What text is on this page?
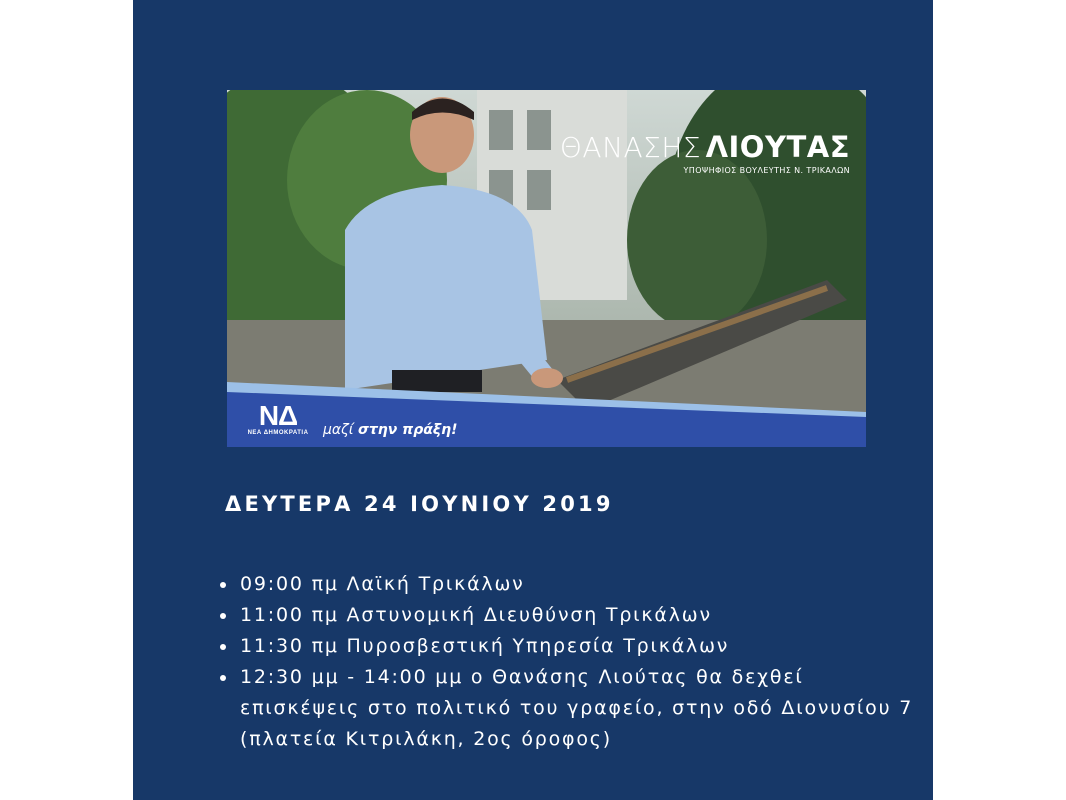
ΘΑΝΑΣΗΣ ΛΙΟΥΤΑΣ
ΥΠΟΨΗΦΙΟΣ ΒΟΥΛΕΥΤΗΣ Ν. ΤΡΙΚΑΛΩΝ
ΝΔ
ΝΕΑ ΔΗΜΟΚΡΑΤΙΑ μαζί στην πράξη!
ΔΕΥΤΕΡΑ 24 ΙΟΥΝΙΟΥ 2019
09:00 πμ Λαϊκή Τρικάλων
11:00 πμ Αστυνομική Διευθύνση Τρικάλων
11:30 πμ Πυροσβεστική Υπηρεσία Τρικάλων
12:30 μμ - 14:00 μμ ο Θανάσης Λιούτας θα δεχθεί επισκέψεις στο πολιτικό του γραφείο, στην οδό Διονυσίου 7 (πλατεία Κιτριλάκη, 2ος όροφος)
